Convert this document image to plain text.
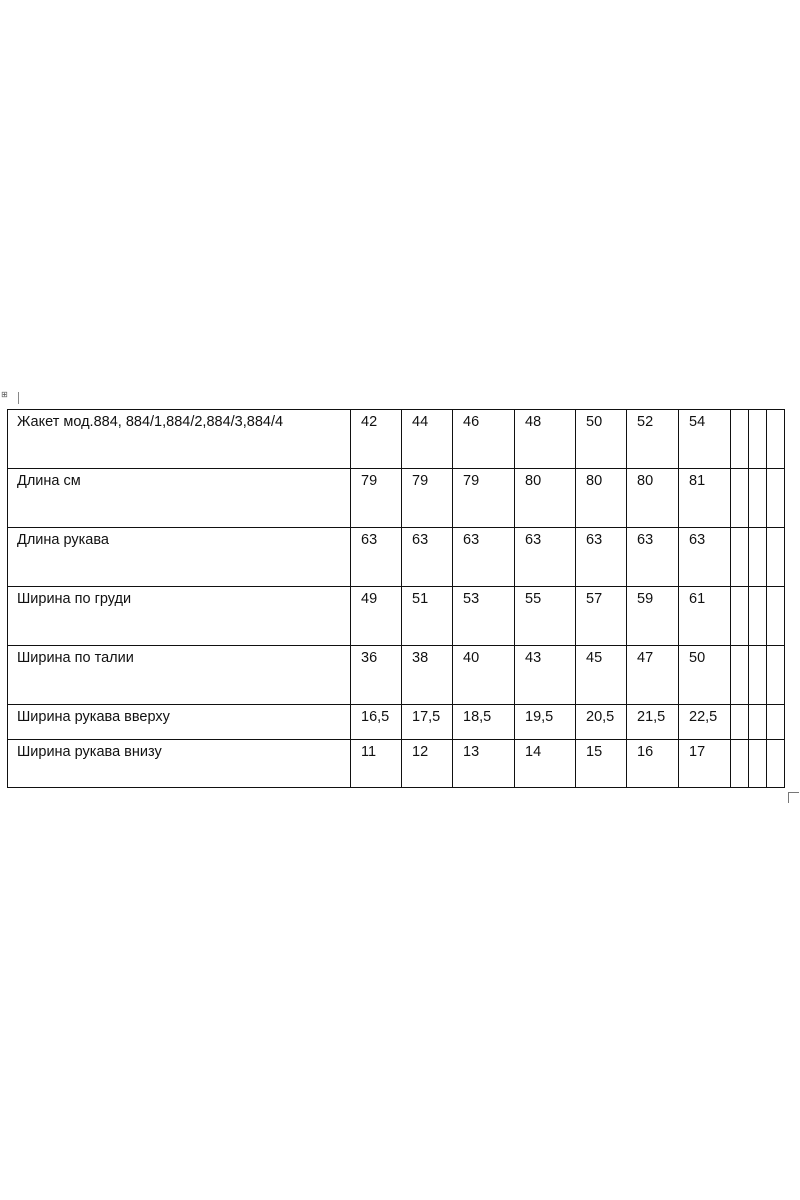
⊞
Жакет мод.884, 884/1,884/2,884/3,884/4	42	44	46	48	50	52	54			
Длина см	79	79	79	80	80	80	81			
Длина рукава	63	63	63	63	63	63	63			
Ширина по груди	49	51	53	55	57	59	61			
Ширина по талии	36	38	40	43	45	47	50			
Ширина рукава вверху	16,5	17,5	18,5	19,5	20,5	21,5	22,5			
Ширина рукава внизу	11	12	13	14	15	16	17			
